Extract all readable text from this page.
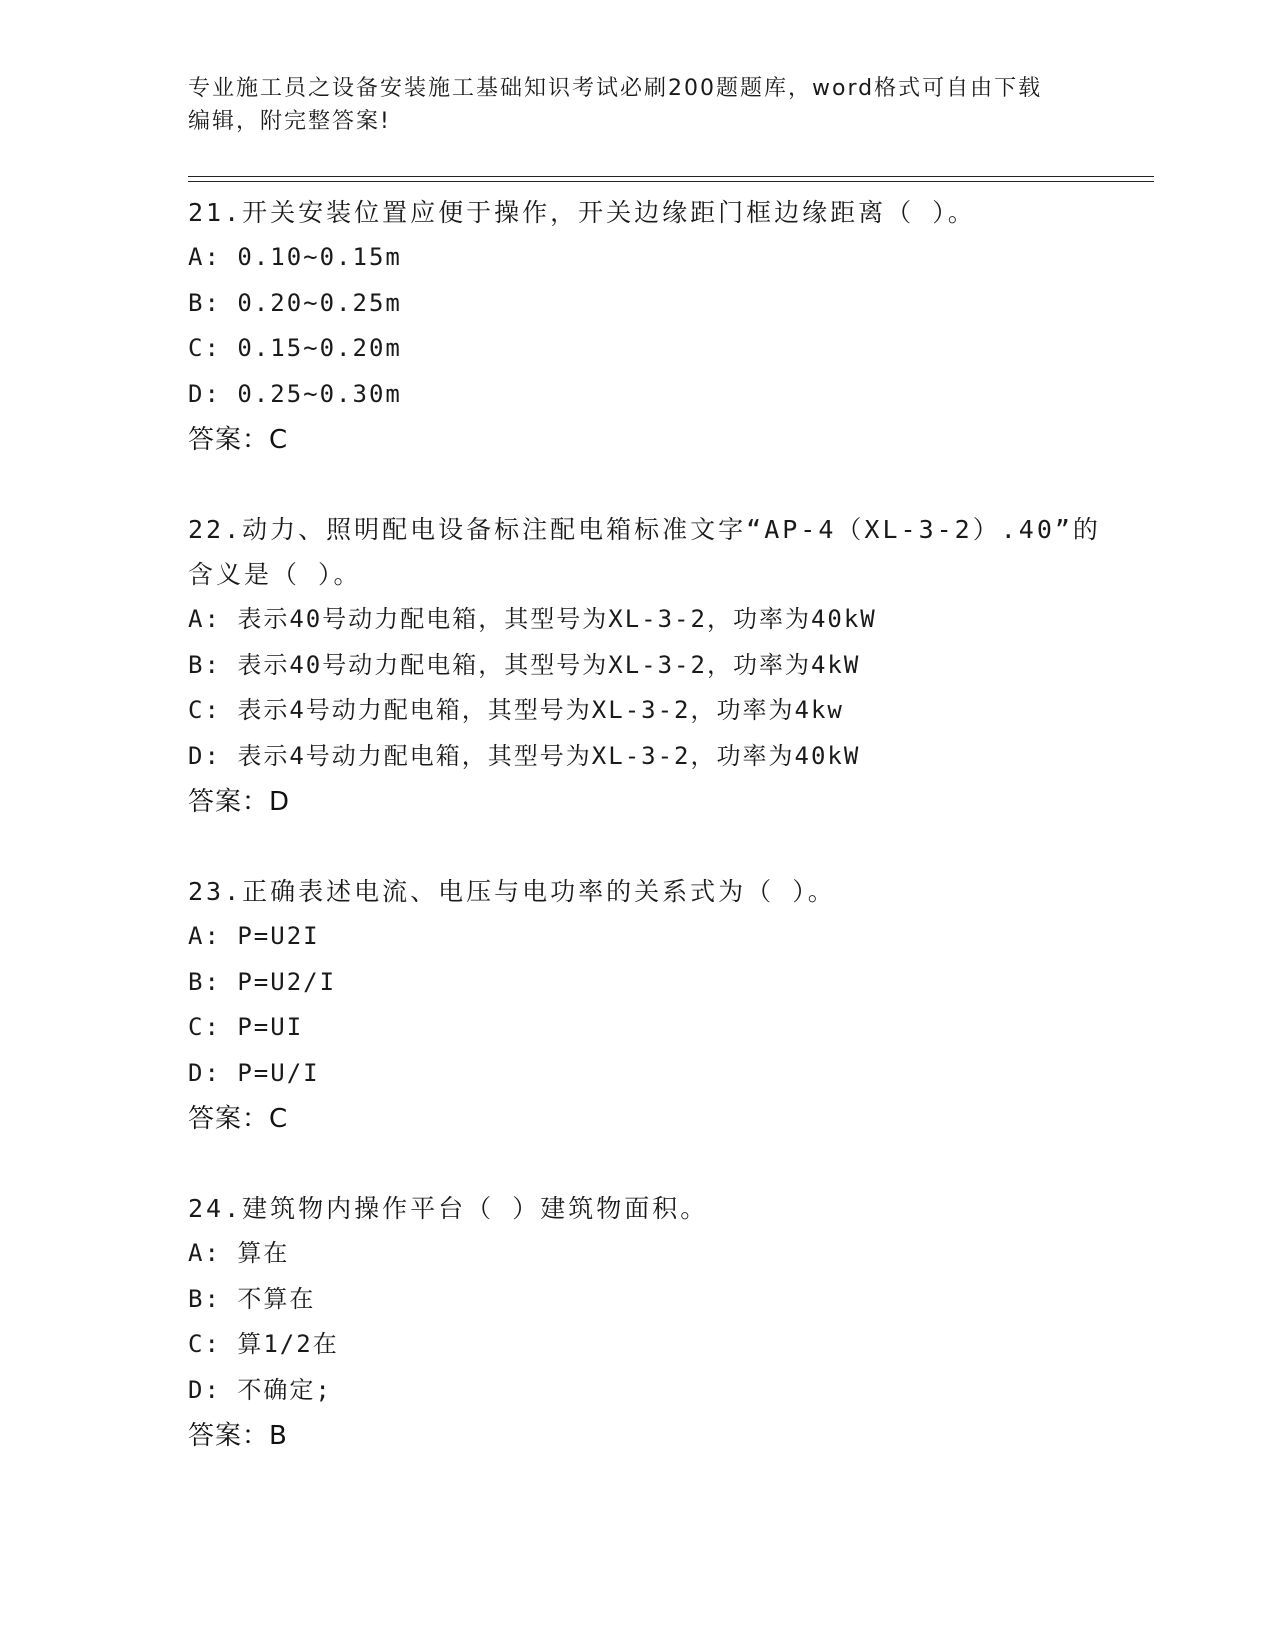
专业施工员之设备安装施工基础知识考试必刷200题题库，word格式可自由下载
编辑，附完整答案!
21.开关安装位置应便于操作，开关边缘距门框边缘距离（ ）。
A: 0.10~0.15m
B: 0.20~0.25m
C: 0.15~0.20m
D: 0.25~0.30m
答案：C
22.动力、照明配电设备标注配电箱标准文字“AP-4（XL-3-2）.40”的含义是（ ）。
A: 表示40号动力配电箱，其型号为XL-3-2，功率为40kW
B: 表示40号动力配电箱，其型号为XL-3-2，功率为4kW
C: 表示4号动力配电箱，其型号为XL-3-2，功率为4kw
D: 表示4号动力配电箱，其型号为XL-3-2，功率为40kW
答案：D
23.正确表述电流、电压与电功率的关系式为（ ）。
A: P=U2I
B: P=U2/I
C: P=UI
D: P=U/I
答案：C
24.建筑物内操作平台（ ）建筑物面积。
A: 算在
B: 不算在
C: 算1/2在
D: 不确定;
答案：B
